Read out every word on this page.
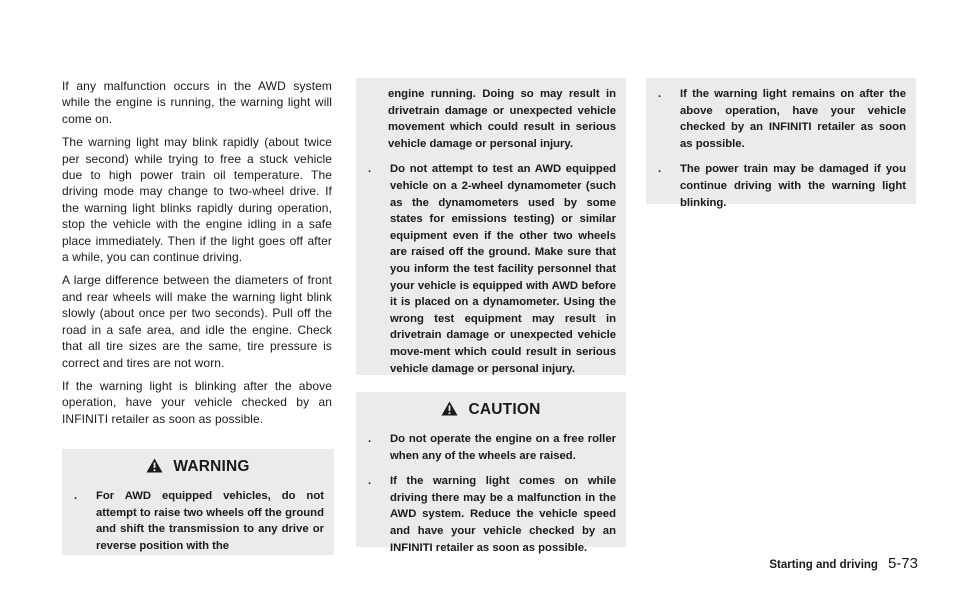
If any malfunction occurs in the AWD system while the engine is running, the warning light will come on.

The warning light may blink rapidly (about twice per second) while trying to free a stuck vehicle due to high power train oil temperature. The driving mode may change to two-wheel drive. If the warning light blinks rapidly during operation, stop the vehicle with the engine idling in a safe place immediately. Then if the light goes off after a while, you can continue driving.

A large difference between the diameters of front and rear wheels will make the warning light blink slowly (about once per two seconds). Pull off the road in a safe area, and idle the engine. Check that all tire sizes are the same, tire pressure is correct and tires are not worn.

If the warning light is blinking after the above operation, have your vehicle checked by an INFINITI retailer as soon as possible.

WARNING
.	For AWD equipped vehicles, do not attempt to raise two wheels off the ground and shift the transmission to any drive or reverse position with the
engine running. Doing so may result in drivetrain damage or unexpected vehicle movement which could result in serious vehicle damage or personal injury.
.	Do not attempt to test an AWD equipped vehicle on a 2-wheel dynamometer (such as the dynamometers used by some states for emissions testing) or similar equipment even if the other two wheels are raised off the ground. Make sure that you inform the test facility personnel that your vehicle is equipped with AWD before it is placed on a dynamometer. Using the wrong test equipment may result in drivetrain damage or unexpected vehicle move-ment which could result in serious vehicle damage or personal injury.
CAUTION
.	Do not operate the engine on a free roller when any of the wheels are raised.
.	If the warning light comes on while driving there may be a malfunction in the AWD system. Reduce the vehicle speed and have your vehicle checked by an INFINITI retailer as soon as possible.
.	If the warning light remains on after the above operation, have your vehicle checked by an INFINITI retailer as soon as possible.
.	The power train may be damaged if you continue driving with the warning light blinking.
Starting and driving 5-73
